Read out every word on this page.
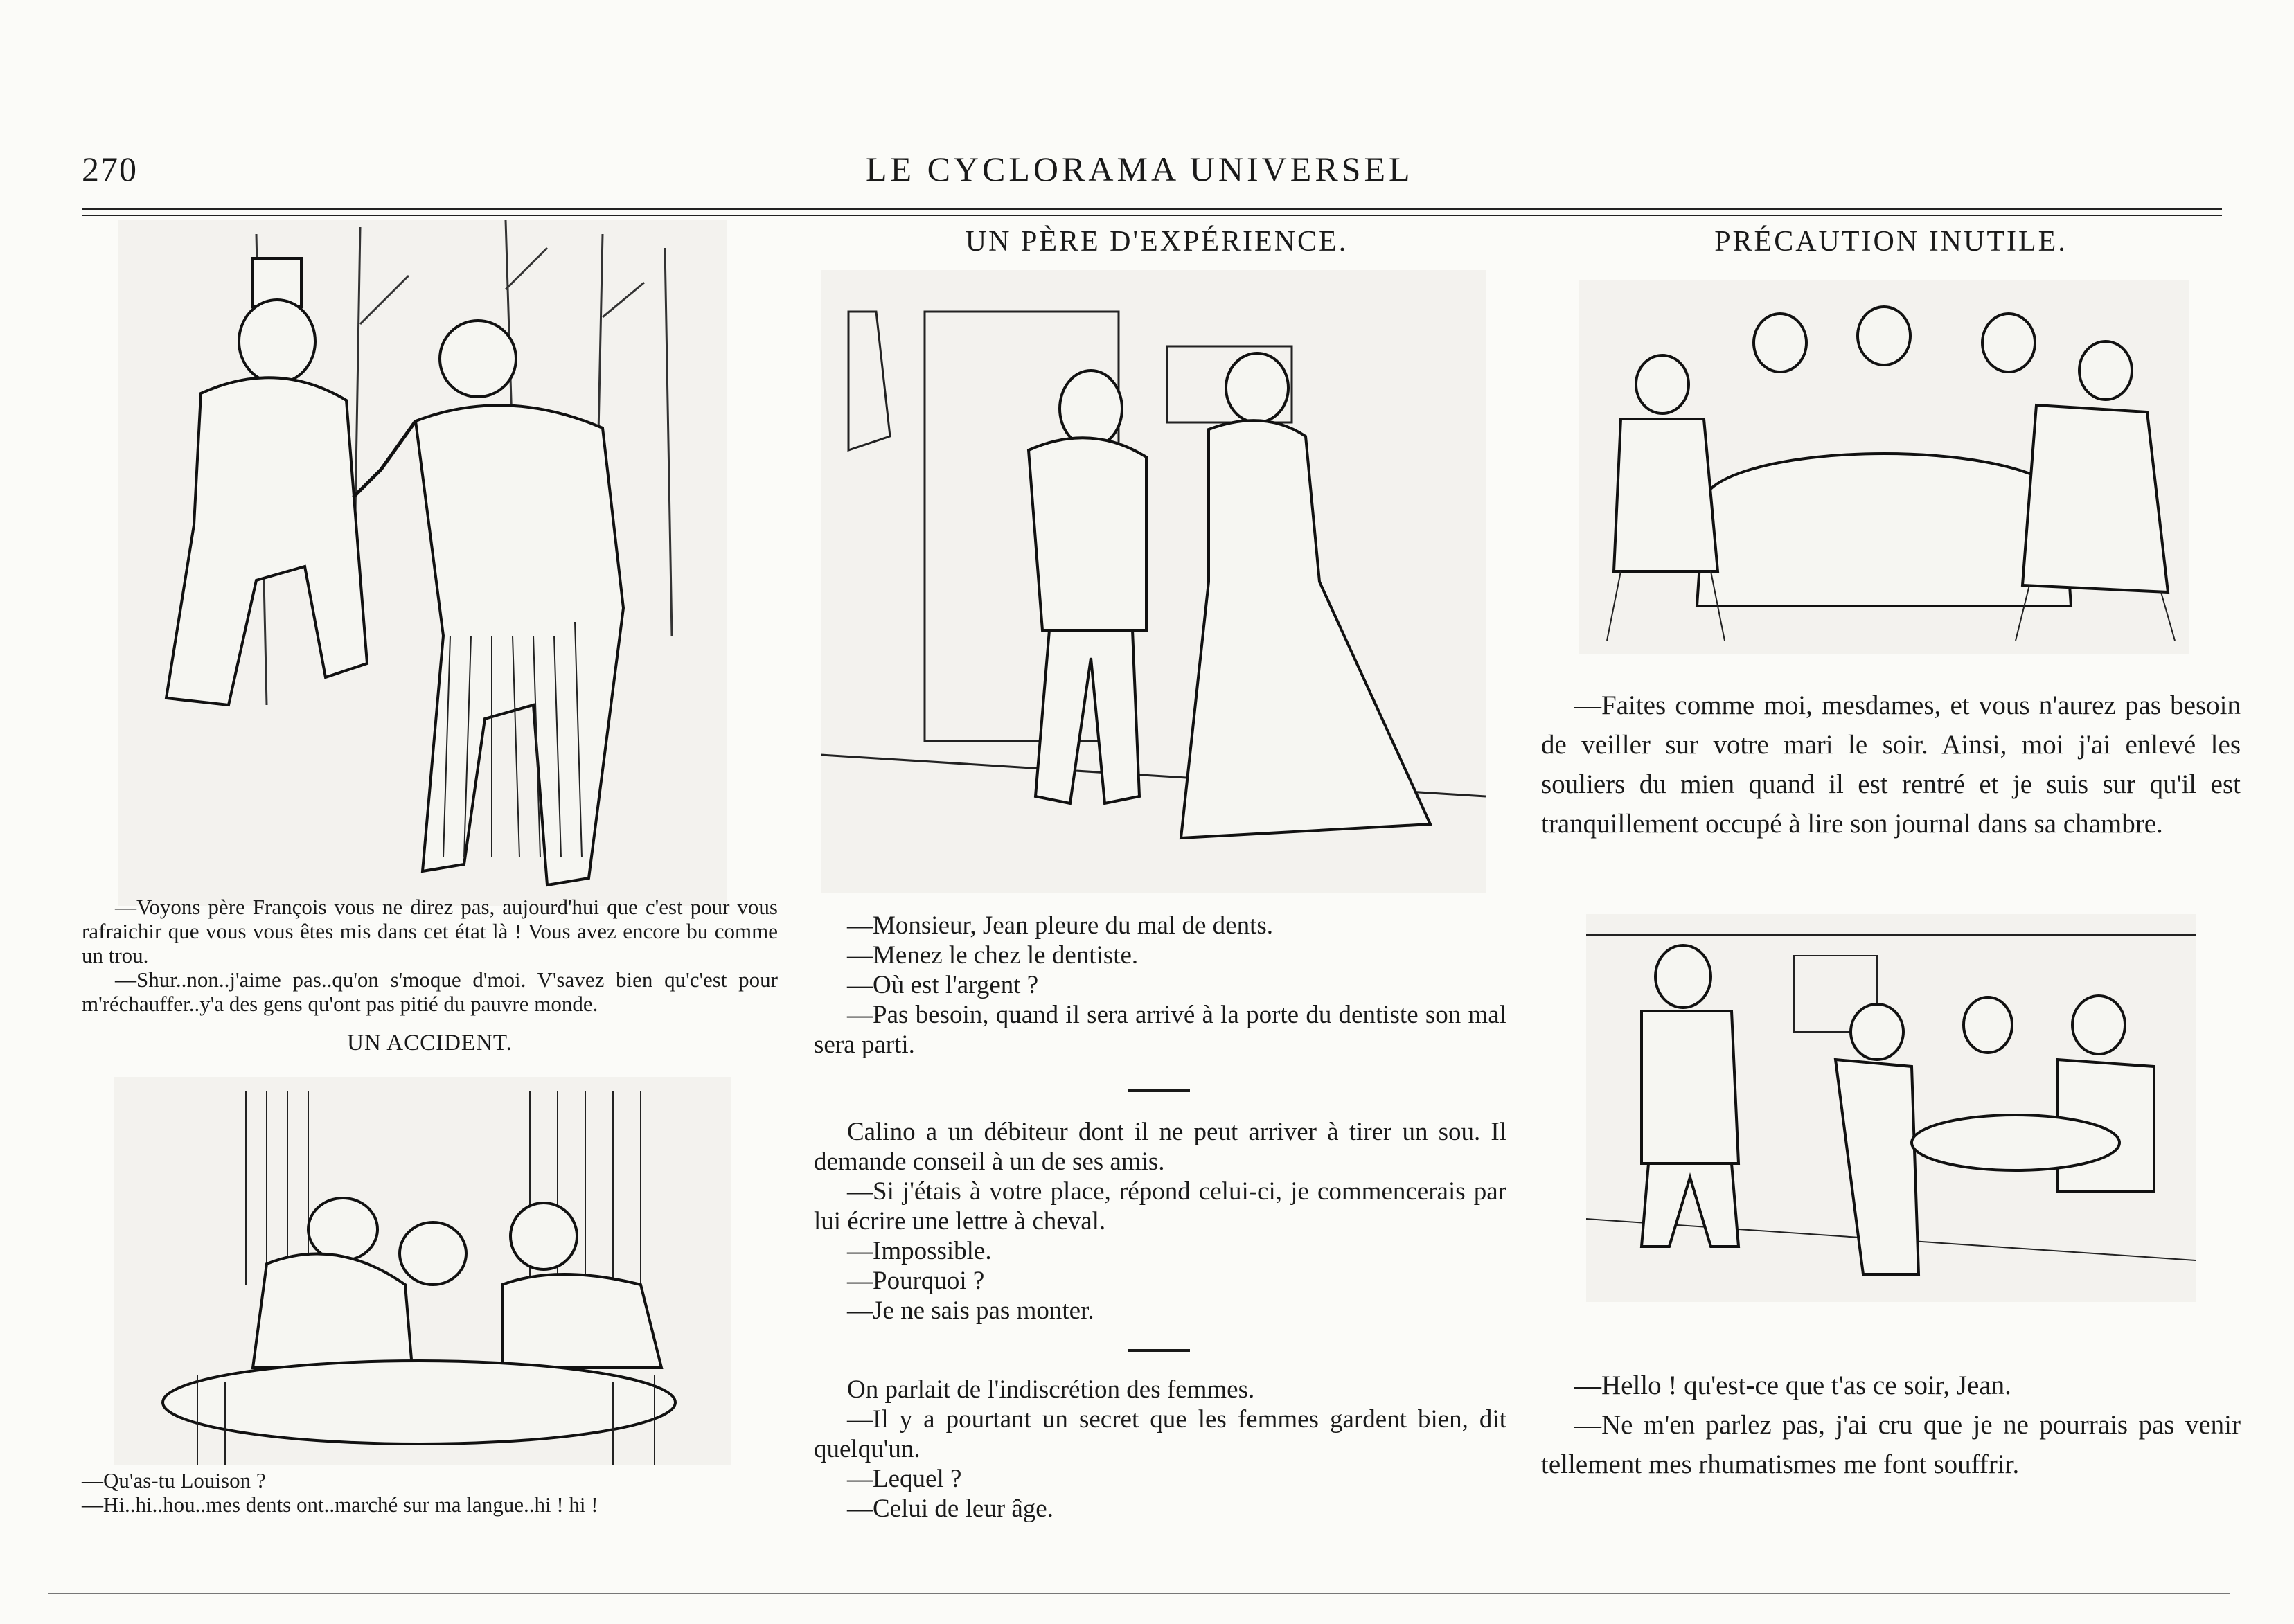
270	LE CYCLORAMA UNIVERSEL

—Voyons père François vous ne direz pas, aujourd'hui que c'est pour vous rafraichir que vous vous êtes mis dans cet état là ! Vous avez encore bu comme un trou.

—Shur..non..j'aime pas..qu'on s'moque d'moi. V'savez bien qu'c'est pour m'réchauffer..y'a des gens qu'ont pas pitié du pauvre monde.

UN ACCIDENT.

—Qu'as-tu Louison ?

—Hi..hi..hou..mes dents ont..marché sur ma langue..hi ! hi !

UN PÈRE D'EXPÉRIENCE.

—Monsieur, Jean pleure du mal de dents.

—Menez le chez le dentiste.

—Où est l'argent ?

—Pas besoin, quand il sera arrivé à la porte du dentiste son mal sera parti.

Calino a un débiteur dont il ne peut arriver à tirer un sou. Il demande conseil à un de ses amis.

—Si j'étais à votre place, répond celui-ci, je commencerais par lui écrire une lettre à cheval.

—Impossible.

—Pourquoi ?

—Je ne sais pas monter.

On parlait de l'indiscrétion des femmes.

—Il y a pourtant un secret que les femmes gardent bien, dit quelqu'un.

—Lequel ?

—Celui de leur âge.

PRÉCAUTION INUTILE.

—Faites comme moi, mesdames, et vous n'aurez pas besoin de veiller sur votre mari le soir. Ainsi, moi j'ai enlevé les souliers du mien quand il est rentré et je suis sur qu'il est tranquillement occupé à lire son journal dans sa chambre.

—Hello ! qu'est-ce que t'as ce soir, Jean.

—Ne m'en parlez pas, j'ai cru que je ne pourrais pas venir tellement mes rhumatismes me font souffrir.
